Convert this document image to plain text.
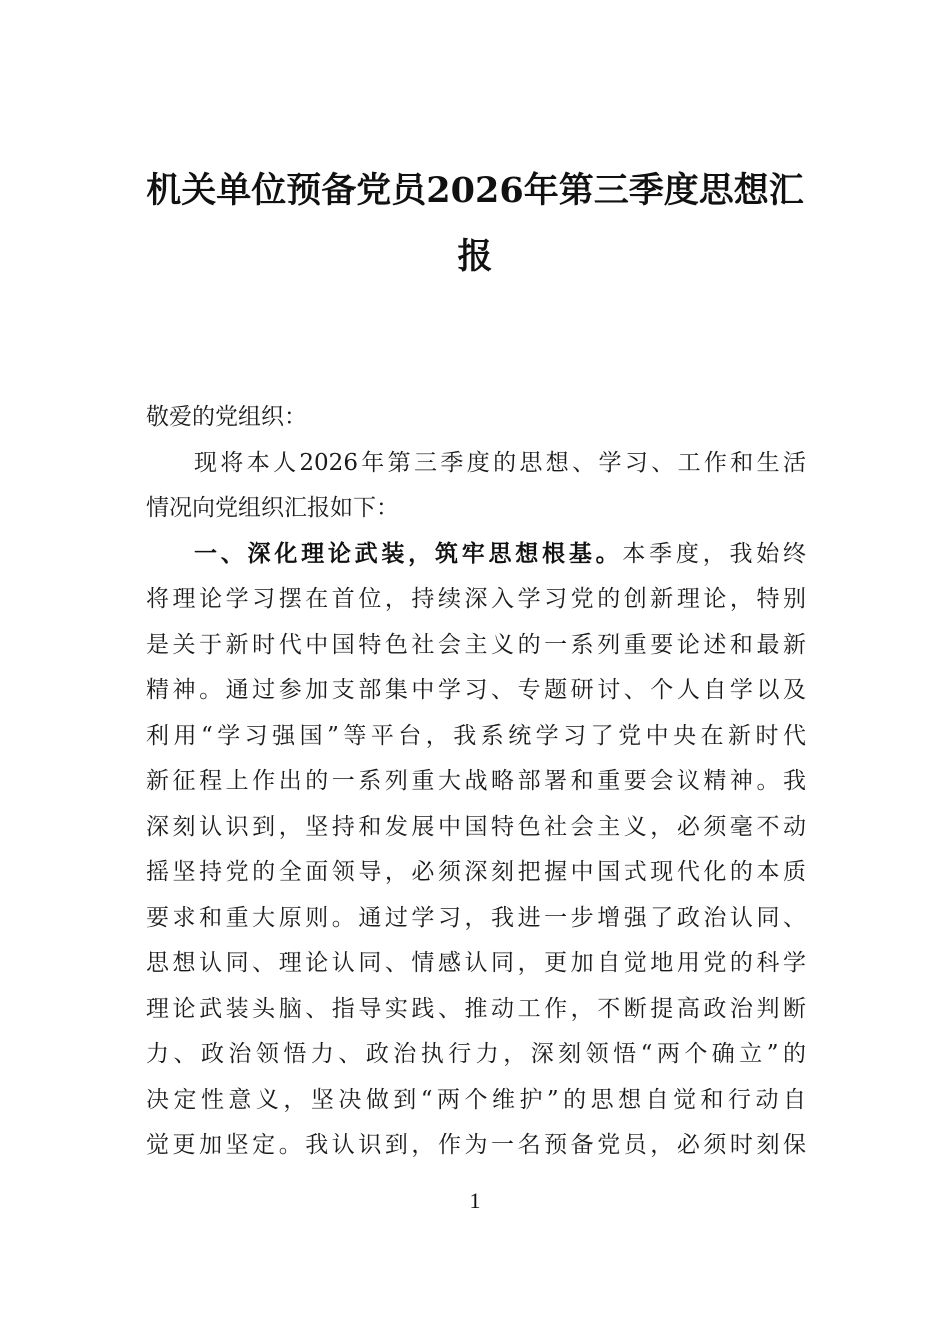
机关单位预备党员2026年第三季度思想汇
报
敬爱的党组织：
现将本人2026年第三季度的思想、学习、工作和生活
情况向党组织汇报如下：
一、深化理论武装，筑牢思想根基。本季度，我始终
将理论学习摆在首位，持续深入学习党的创新理论，特别
是关于新时代中国特色社会主义的一系列重要论述和最新
精神。通过参加支部集中学习、专题研讨、个人自学以及
利用“学习强国”等平台，我系统学习了党中央在新时代
新征程上作出的一系列重大战略部署和重要会议精神。我
深刻认识到，坚持和发展中国特色社会主义，必须毫不动
摇坚持党的全面领导，必须深刻把握中国式现代化的本质
要求和重大原则。通过学习，我进一步增强了政治认同、
思想认同、理论认同、情感认同，更加自觉地用党的科学
理论武装头脑、指导实践、推动工作，不断提高政治判断
力、政治领悟力、政治执行力，深刻领悟“两个确立”的
决定性意义，坚决做到“两个维护”的思想自觉和行动自
觉更加坚定。我认识到，作为一名预备党员，必须时刻保
1
